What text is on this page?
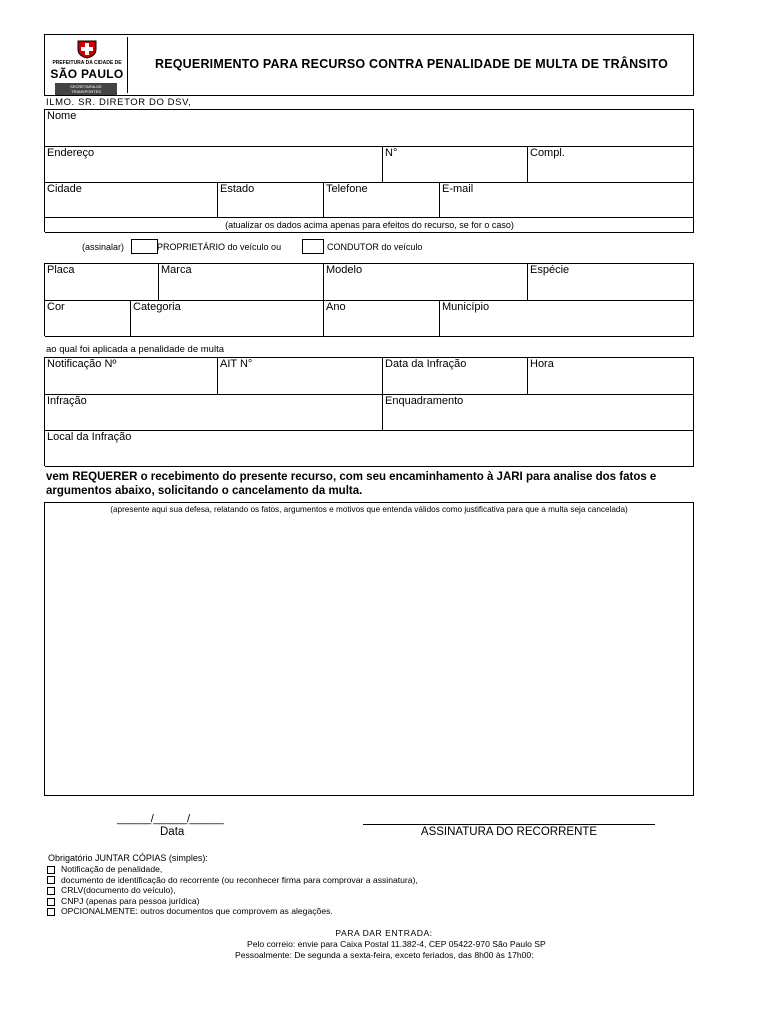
PREFEITURA DA CIDADE DE
SÃO PAULO
SECRETARIA DE TRANSPORTES
REQUERIMENTO PARA RECURSO CONTRA PENALIDADE DE MULTA DE TRÂNSITO
ILMO. SR. DIRETOR DO DSV,
Nome
Endereço	N°	Compl.
Cidade	Estado	Telefone	E-mail
(atualizar os dados acima apenas para efeitos do recurso, se for o caso)
(assinalar)	PROPRIETÁRIO do veículo ou	CONDUTOR do veículo
Placa	Marca	Modelo	Espécie
Cor	Categoria	Ano	Município
ao qual foi aplicada a penalidade de multa
Notificação Nº	AIT N°	Data da Infração	Hora
Infração	Enquadramento
Local da Infração
vem REQUERER o recebimento do presente recurso, com seu encaminhamento à JARI para analise dos fatos e argumentos abaixo, solicitando o cancelamento da multa.
(apresente aqui sua defesa, relatando os fatos, argumentos e motivos que entenda válidos como justificativa para que a multa seja cancelada)
______/______/______
Data	ASSINATURA DO RECORRENTE
Obrigatório JUNTAR CÓPIAS (simples):
Notificação de penalidade,
documento de identificação do recorrente (ou reconhecer firma para comprovar a assinatura),
CRLV(documento do veículo),
CNPJ (apenas para pessoa jurídica)
OPCIONALMENTE: outros documentos que comprovem as alegações.
PARA DAR ENTRADA:
Pelo correio: envie para Caixa Postal 11.382-4, CEP 05422-970 São Paulo SP
Pessoalmente: De segunda a sexta-feira, exceto feriados, das 8h00 às 17h00:
